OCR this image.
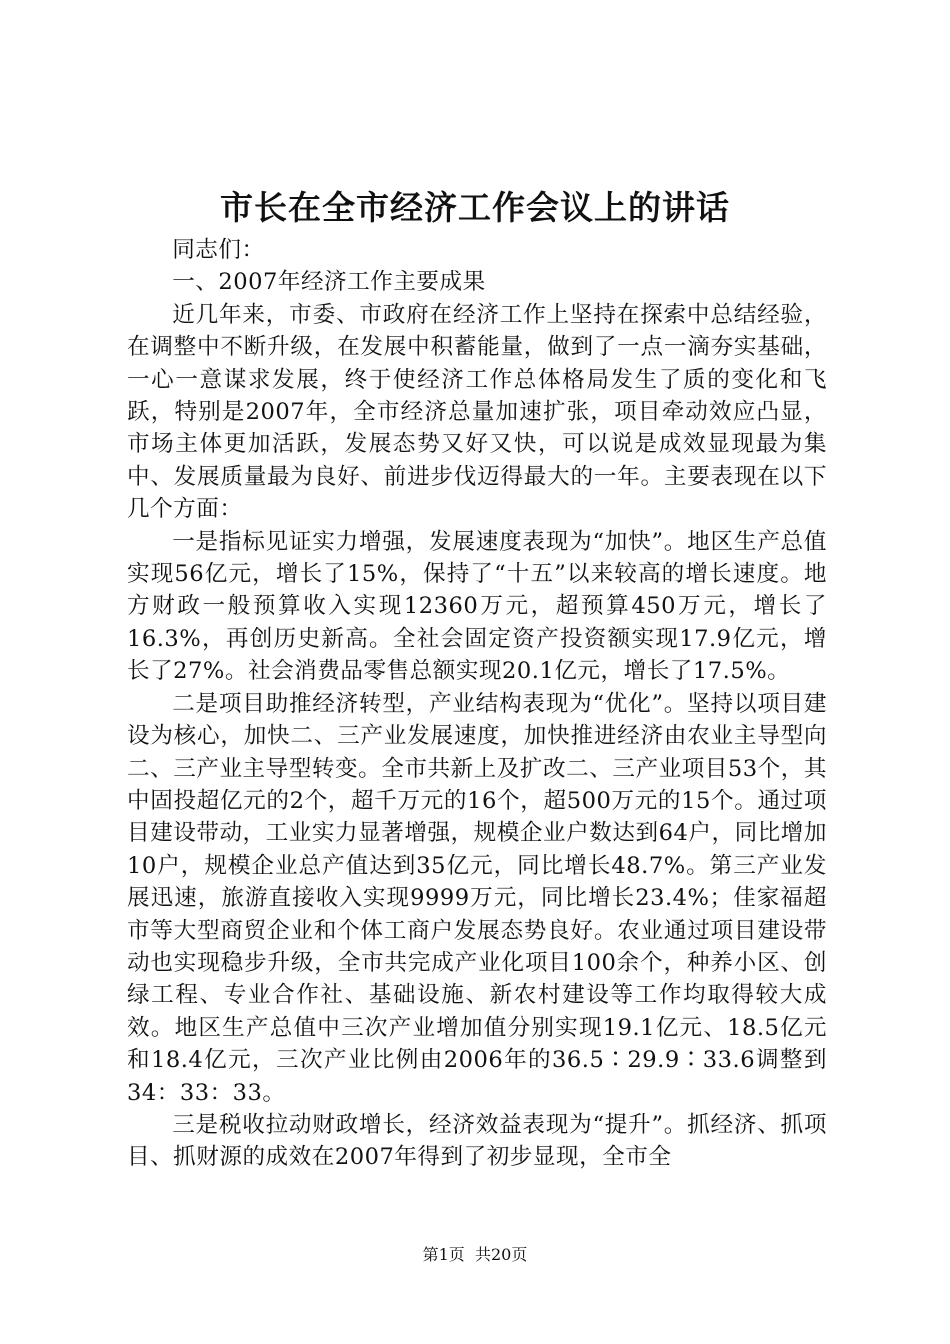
市长在全市经济工作会议上的讲话

同志们：

一、2007年经济工作主要成果

近几年来，市委、市政府在经济工作上坚持在探索中总结经验，在调整中不断升级，在发展中积蓄能量，做到了一点一滴夯实基础，一心一意谋求发展，终于使经济工作总体格局发生了质的变化和飞跃，特别是2007年，全市经济总量加速扩张，项目牵动效应凸显，市场主体更加活跃，发展态势又好又快，可以说是成效显现最为集中、发展质量最为良好、前进步伐迈得最大的一年。主要表现在以下几个方面：

一是指标见证实力增强，发展速度表现为“加快”。地区生产总值实现56亿元，增长了15%，保持了“十五”以来较高的增长速度。地方财政一般预算收入实现12360万元，超预算450万元，增长了16.3%，再创历史新高。全社会固定资产投资额实现17.9亿元，增长了27%。社会消费品零售总额实现20.1亿元，增长了17.5%。

二是项目助推经济转型，产业结构表现为“优化”。坚持以项目建设为核心，加快二、三产业发展速度，加快推进经济由农业主导型向二、三产业主导型转变。全市共新上及扩改二、三产业项目53个，其中固投超亿元的2个，超千万元的16个，超500万元的15个。通过项目建设带动，工业实力显著增强，规模企业户数达到64户，同比增加10户，规模企业总产值达到35亿元，同比增长48.7%。第三产业发展迅速，旅游直接收入实现9999万元，同比增长23.4%；佳家福超市等大型商贸企业和个体工商户发展态势良好。农业通过项目建设带动也实现稳步升级，全市共完成产业化项目100余个，种养小区、创绿工程、专业合作社、基础设施、新农村建设等工作均取得较大成效。地区生产总值中三次产业增加值分别实现19.1亿元、18.5亿元和18.4亿元，三次产业比例由2006年的36.5∶29.9∶33.6调整到34：33：33。

三是税收拉动财政增长，经济效益表现为“提升”。抓经济、抓项目、抓财源的成效在2007年得到了初步显现，全市全

第1页 共20页
